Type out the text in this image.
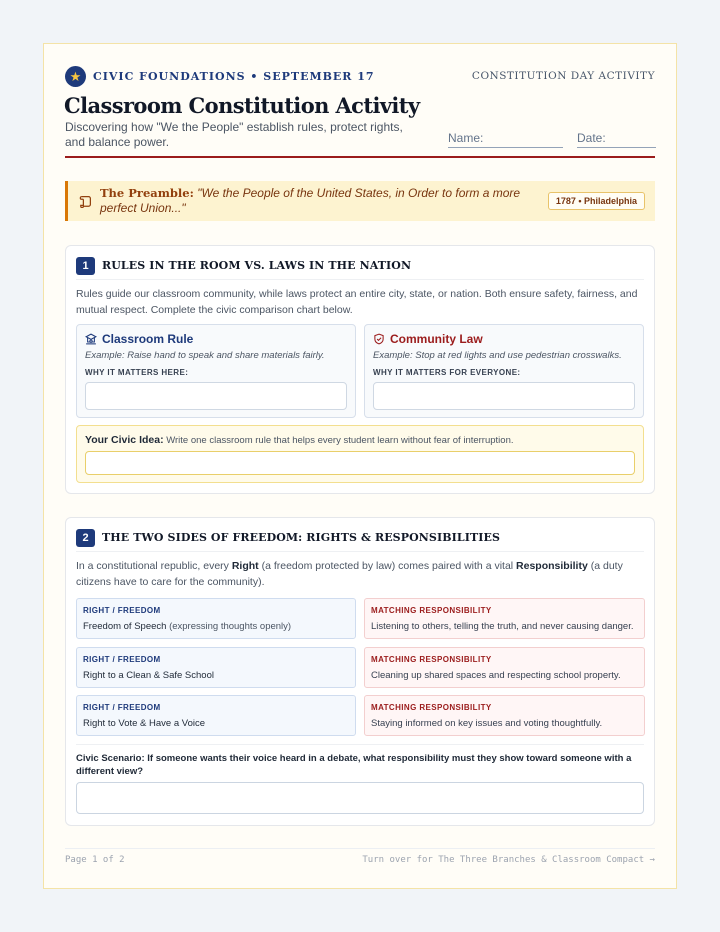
★	CIVIC FOUNDATIONS • SEPTEMBER 17	CONSTITUTION DAY ACTIVITY
Classroom Constitution Activity

Discovering how "We the People" establish rules, protect rights, and balance power.	Name:	Date:
The Preamble: "We the People of the United States, in Order to form a more perfect Union..."	1787 • Philadelphia
1	RULES IN THE ROOM VS. LAWS IN THE NATION

Rules guide our classroom community, while laws protect an entire city, state, or nation. Both ensure safety, fairness, and mutual respect. Complete the civic comparison chart below.

Classroom Rule
Example: Raise hand to speak and share materials fairly.
WHY IT MATTERS HERE:
Community Law
Example: Stop at red lights and use pedestrian crosswalks.
WHY IT MATTERS FOR EVERYONE:
Your Civic Idea: Write one classroom rule that helps every student learn without fear of interruption.
2	THE TWO SIDES OF FREEDOM: RIGHTS & RESPONSIBILITIES

In a constitutional republic, every Right (a freedom protected by law) comes paired with a vital Responsibility (a duty citizens have to care for the community).

RIGHT / FREEDOM
Freedom of Speech (expressing thoughts openly)
MATCHING RESPONSIBILITY
Listening to others, telling the truth, and never causing danger.
RIGHT / FREEDOM
Right to a Clean & Safe School
MATCHING RESPONSIBILITY
Cleaning up shared spaces and respecting school property.
RIGHT / FREEDOM
Right to Vote & Have a Voice
MATCHING RESPONSIBILITY
Staying informed on key issues and voting thoughtfully.

Civic Scenario: If someone wants their voice heard in a debate, what responsibility must they show toward someone with a different view?

Page 1 of 2	Turn over for The Three Branches & Classroom Compact →
